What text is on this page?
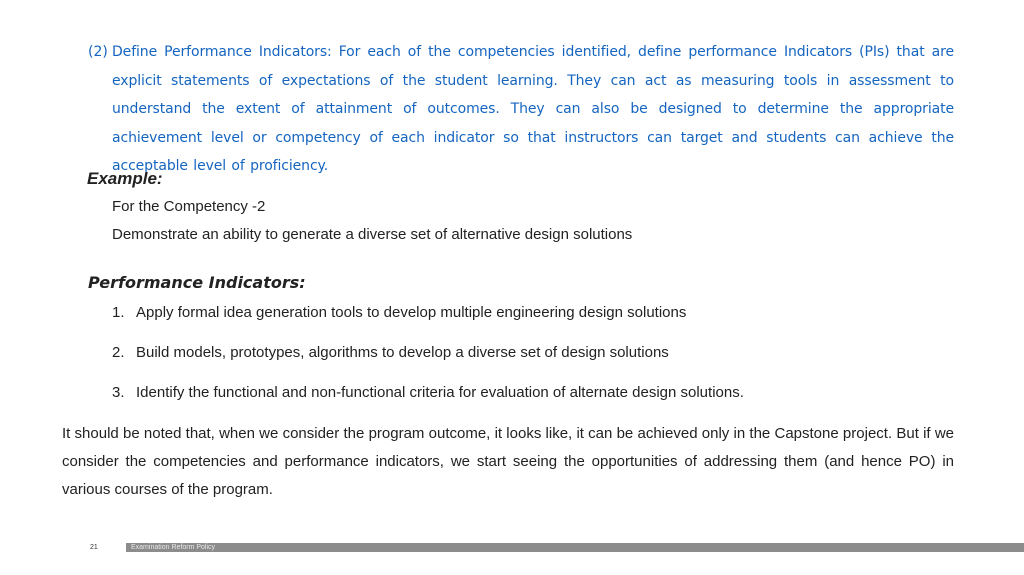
(2) Define Performance Indicators: For each of the competencies identified, define performance Indicators (PIs) that are explicit statements of expectations of the student learning. They can act as measuring tools in assessment to understand the extent of attainment of outcomes. They can also be designed to determine the appropriate achievement level or competency of each indicator so that instructors can target and students can achieve the acceptable level of proficiency.
Example:
For the Competency -2
Demonstrate an ability to generate a diverse set of alternative design solutions
Performance Indicators:
1. Apply formal idea generation tools to develop multiple engineering design solutions
2. Build models, prototypes, algorithms to develop a diverse set of design solutions
3. Identify the functional and non-functional criteria for evaluation of alternate design solutions.
It should be noted that, when we consider the program outcome, it looks like, it can be achieved only in the Capstone project. But if we consider the competencies and performance indicators, we start seeing the opportunities of addressing them (and hence PO) in various courses of the program.
21	Examination Reform Policy
